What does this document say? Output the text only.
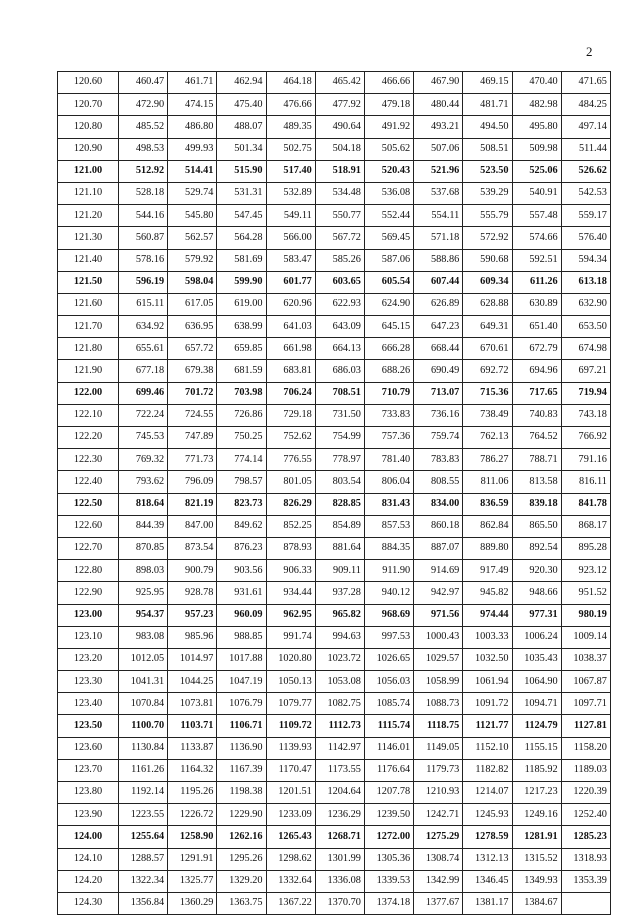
2
120.60	460.47	461.71	462.94	464.18	465.42	466.66	467.90	469.15	470.40	471.65
120.70	472.90	474.15	475.40	476.66	477.92	479.18	480.44	481.71	482.98	484.25
120.80	485.52	486.80	488.07	489.35	490.64	491.92	493.21	494.50	495.80	497.14
120.90	498.53	499.93	501.34	502.75	504.18	505.62	507.06	508.51	509.98	511.44
121.00	512.92	514.41	515.90	517.40	518.91	520.43	521.96	523.50	525.06	526.62
121.10	528.18	529.74	531.31	532.89	534.48	536.08	537.68	539.29	540.91	542.53
121.20	544.16	545.80	547.45	549.11	550.77	552.44	554.11	555.79	557.48	559.17
121.30	560.87	562.57	564.28	566.00	567.72	569.45	571.18	572.92	574.66	576.40
121.40	578.16	579.92	581.69	583.47	585.26	587.06	588.86	590.68	592.51	594.34
121.50	596.19	598.04	599.90	601.77	603.65	605.54	607.44	609.34	611.26	613.18
121.60	615.11	617.05	619.00	620.96	622.93	624.90	626.89	628.88	630.89	632.90
121.70	634.92	636.95	638.99	641.03	643.09	645.15	647.23	649.31	651.40	653.50
121.80	655.61	657.72	659.85	661.98	664.13	666.28	668.44	670.61	672.79	674.98
121.90	677.18	679.38	681.59	683.81	686.03	688.26	690.49	692.72	694.96	697.21
122.00	699.46	701.72	703.98	706.24	708.51	710.79	713.07	715.36	717.65	719.94
122.10	722.24	724.55	726.86	729.18	731.50	733.83	736.16	738.49	740.83	743.18
122.20	745.53	747.89	750.25	752.62	754.99	757.36	759.74	762.13	764.52	766.92
122.30	769.32	771.73	774.14	776.55	778.97	781.40	783.83	786.27	788.71	791.16
122.40	793.62	796.09	798.57	801.05	803.54	806.04	808.55	811.06	813.58	816.11
122.50	818.64	821.19	823.73	826.29	828.85	831.43	834.00	836.59	839.18	841.78
122.60	844.39	847.00	849.62	852.25	854.89	857.53	860.18	862.84	865.50	868.17
122.70	870.85	873.54	876.23	878.93	881.64	884.35	887.07	889.80	892.54	895.28
122.80	898.03	900.79	903.56	906.33	909.11	911.90	914.69	917.49	920.30	923.12
122.90	925.95	928.78	931.61	934.44	937.28	940.12	942.97	945.82	948.66	951.52
123.00	954.37	957.23	960.09	962.95	965.82	968.69	971.56	974.44	977.31	980.19
123.10	983.08	985.96	988.85	991.74	994.63	997.53	1000.43	1003.33	1006.24	1009.14
123.20	1012.05	1014.97	1017.88	1020.80	1023.72	1026.65	1029.57	1032.50	1035.43	1038.37
123.30	1041.31	1044.25	1047.19	1050.13	1053.08	1056.03	1058.99	1061.94	1064.90	1067.87
123.40	1070.84	1073.81	1076.79	1079.77	1082.75	1085.74	1088.73	1091.72	1094.71	1097.71
123.50	1100.70	1103.71	1106.71	1109.72	1112.73	1115.74	1118.75	1121.77	1124.79	1127.81
123.60	1130.84	1133.87	1136.90	1139.93	1142.97	1146.01	1149.05	1152.10	1155.15	1158.20
123.70	1161.26	1164.32	1167.39	1170.47	1173.55	1176.64	1179.73	1182.82	1185.92	1189.03
123.80	1192.14	1195.26	1198.38	1201.51	1204.64	1207.78	1210.93	1214.07	1217.23	1220.39
123.90	1223.55	1226.72	1229.90	1233.09	1236.29	1239.50	1242.71	1245.93	1249.16	1252.40
124.00	1255.64	1258.90	1262.16	1265.43	1268.71	1272.00	1275.29	1278.59	1281.91	1285.23
124.10	1288.57	1291.91	1295.26	1298.62	1301.99	1305.36	1308.74	1312.13	1315.52	1318.93
124.20	1322.34	1325.77	1329.20	1332.64	1336.08	1339.53	1342.99	1346.45	1349.93	1353.39
124.30	1356.84	1360.29	1363.75	1367.22	1370.70	1374.18	1377.67	1381.17	1384.67	
